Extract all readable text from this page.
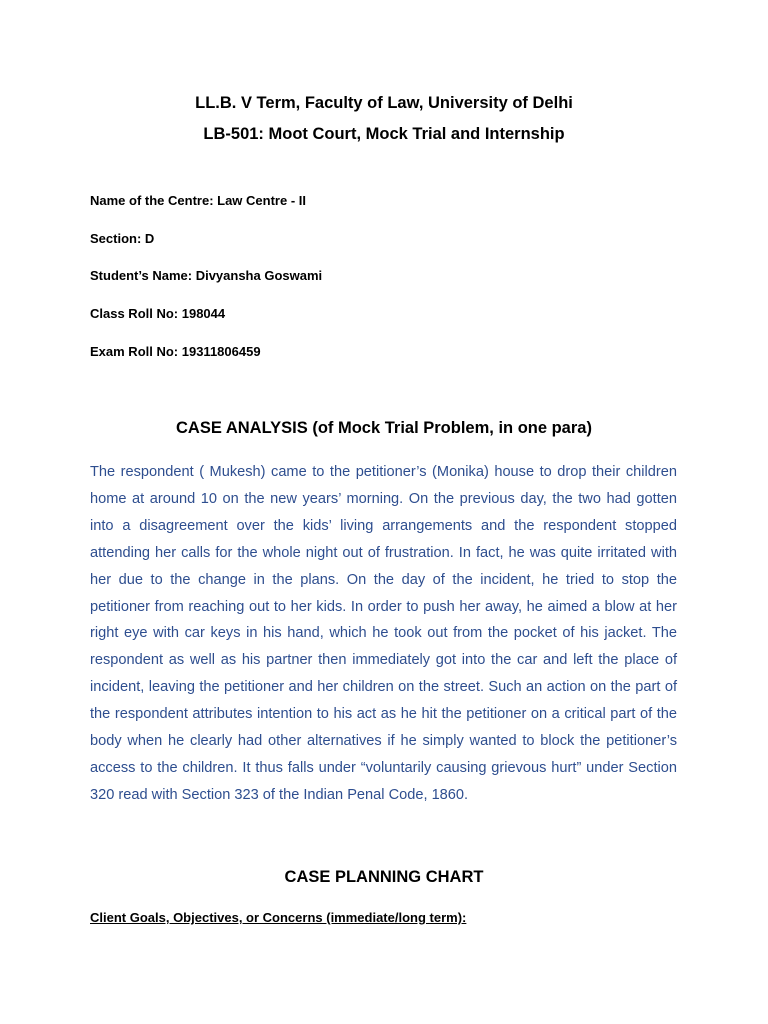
LL.B. V Term, Faculty of Law, University of Delhi
LB-501: Moot Court, Mock Trial and Internship
Name of the Centre: Law Centre - II
Section: D
Student’s Name: Divyansha Goswami
Class Roll No: 198044
Exam Roll No: 19311806459
CASE ANALYSIS (of Mock Trial Problem, in one para)

The respondent ( Mukesh) came to the petitioner’s (Monika) house to drop their children home at around 10 on the new years’ morning. On the previous day, the two had gotten into a disagreement over the kids’ living arrangements and the respondent stopped attending her calls for the whole night out of frustration. In fact, he was quite irritated with her due to the change in the plans. On the day of the incident, he tried to stop the petitioner from reaching out to her kids. In order to push her away, he aimed a blow at her right eye with car keys in his hand, which he took out from the pocket of his jacket. The respondent as well as his partner then immediately got into the car and left the place of incident, leaving the petitioner and her children on the street. Such an action on the part of the respondent attributes intention to his act as he hit the petitioner on a critical part of the body when he clearly had other alternatives if he simply wanted to block the petitioner’s access to the children. It thus falls under “voluntarily causing grievous hurt” under Section 320 read with Section 323 of the Indian Penal Code, 1860.

CASE PLANNING CHART
Client Goals, Objectives, or Concerns (immediate/long term):
